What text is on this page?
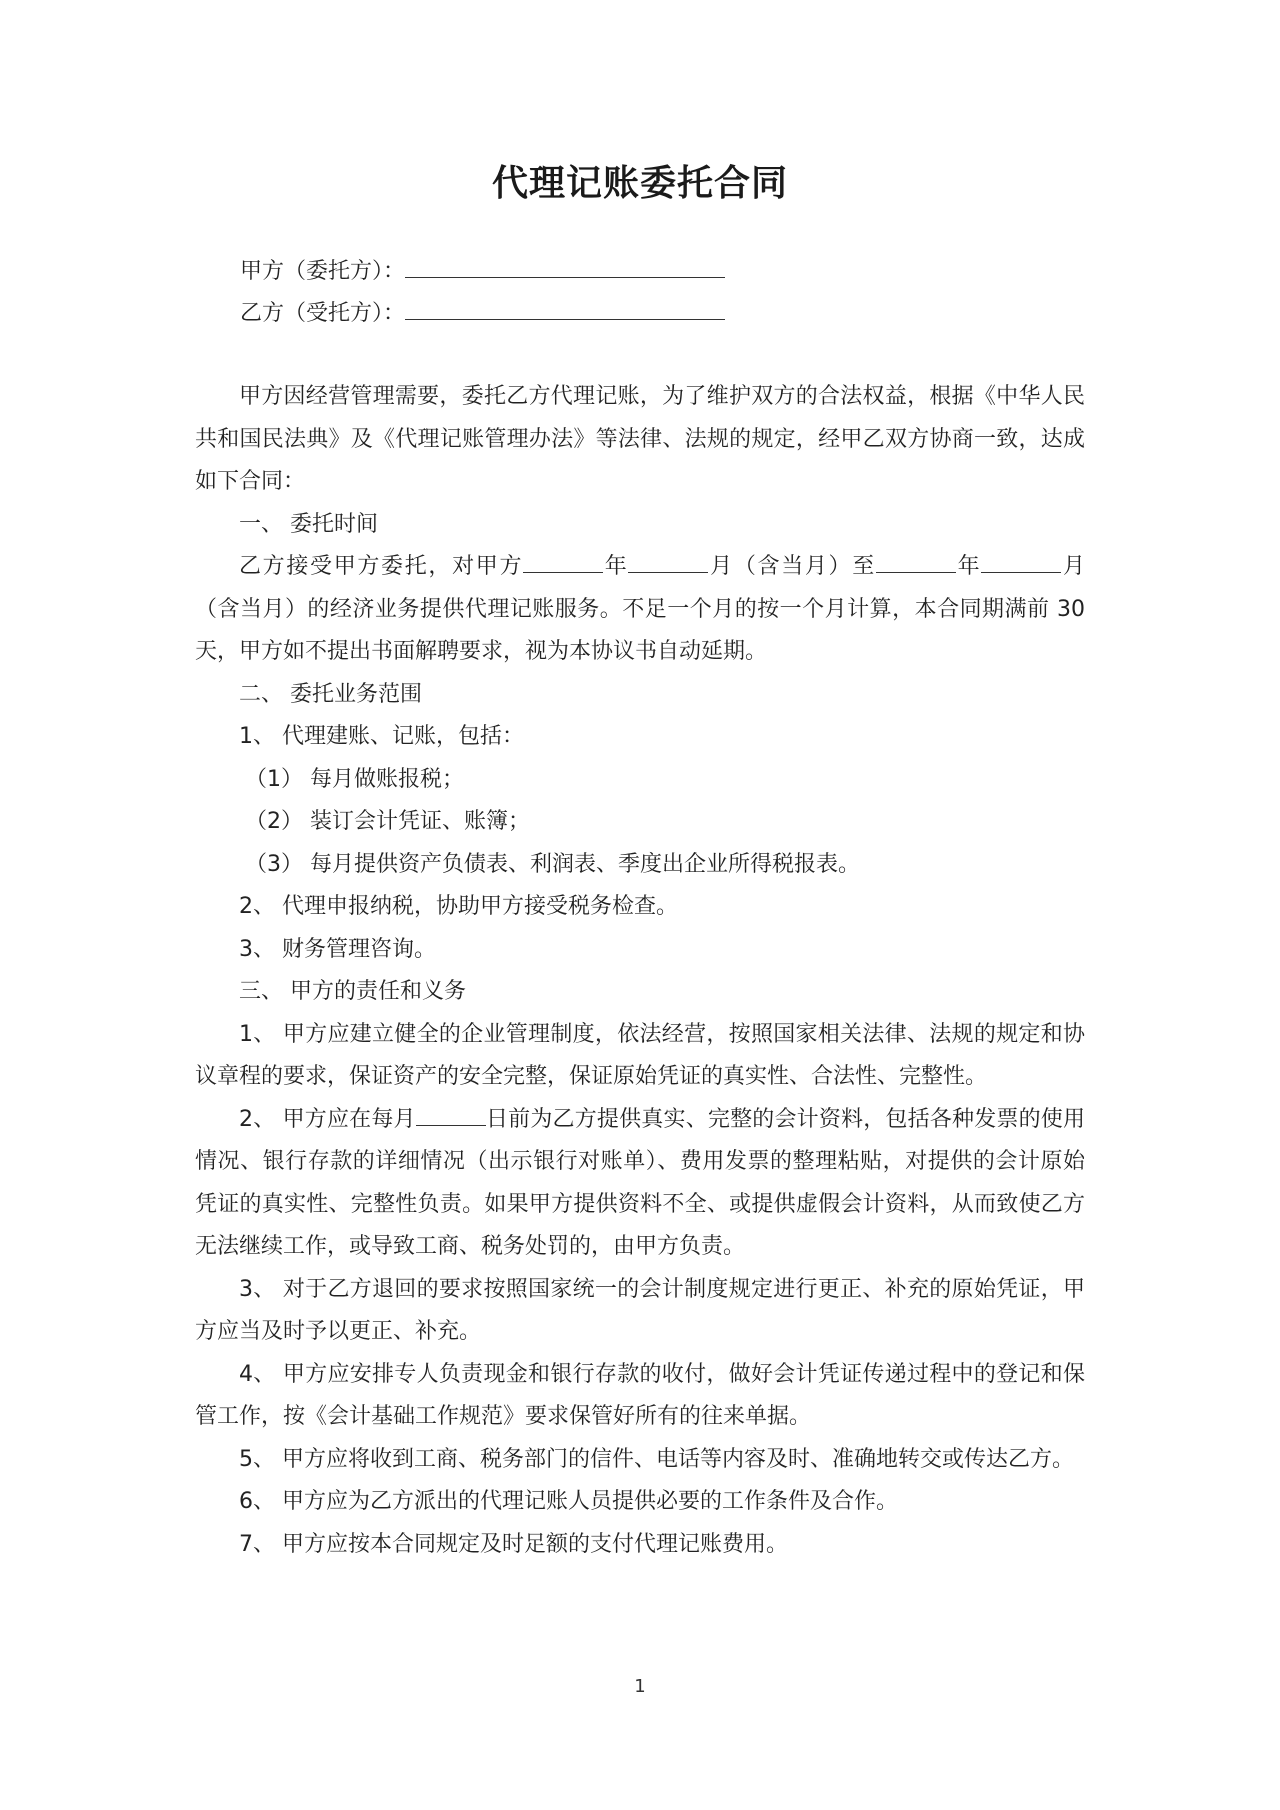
代理记账委托合同
甲方（委托方）：
乙方（受托方）：

甲方因经营管理需要，委托乙方代理记账，为了维护双方的合法权益，根据《中华人民共和国民法典》及《代理记账管理办法》等法律、法规的规定，经甲乙双方协商一致，达成如下合同：

一、 委托时间

乙方接受甲方委托，对甲方	年	月（含当月）至	年	月（含当月）的经济业务提供代理记账服务。不足一个月的按一个月计算，本合同期满前 30 天，甲方如不提出书面解聘要求，视为本协议书自动延期。

二、 委托业务范围

1、 代理建账、记账，包括：

（1） 每月做账报税；

（2） 装订会计凭证、账簿；

（3） 每月提供资产负债表、利润表、季度出企业所得税报表。

2、 代理申报纳税，协助甲方接受税务检查。

3、 财务管理咨询。

三、 甲方的责任和义务

1、 甲方应建立健全的企业管理制度，依法经营，按照国家相关法律、法规的规定和协议章程的要求，保证资产的安全完整，保证原始凭证的真实性、合法性、完整性。

2、 甲方应在每月	日前为乙方提供真实、完整的会计资料，包括各种发票的使用情况、银行存款的详细情况（出示银行对账单）、费用发票的整理粘贴，对提供的会计原始凭证的真实性、完整性负责。如果甲方提供资料不全、或提供虚假会计资料，从而致使乙方无法继续工作，或导致工商、税务处罚的，由甲方负责。

3、 对于乙方退回的要求按照国家统一的会计制度规定进行更正、补充的原始凭证，甲方应当及时予以更正、补充。

4、 甲方应安排专人负责现金和银行存款的收付，做好会计凭证传递过程中的登记和保管工作，按《会计基础工作规范》要求保管好所有的往来单据。

5、 甲方应将收到工商、税务部门的信件、电话等内容及时、准确地转交或传达乙方。

6、 甲方应为乙方派出的代理记账人员提供必要的工作条件及合作。

7、 甲方应按本合同规定及时足额的支付代理记账费用。

1
